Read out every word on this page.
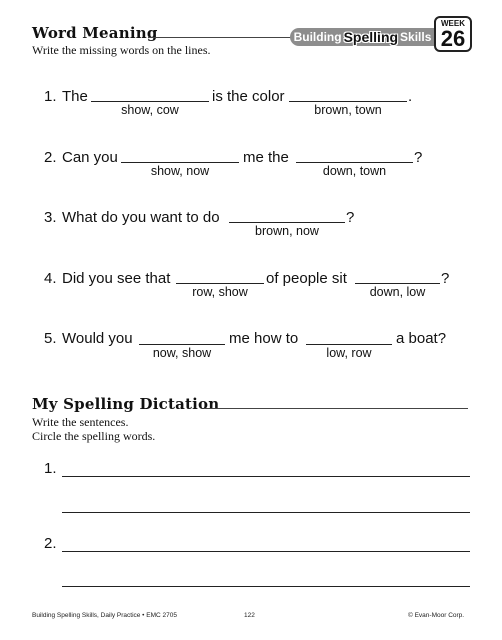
Word Meaning
Write the missing words on the lines.
Building Spelling Skills
WEEK
26
1. The	is the color	.
show, cow	brown, town
2. Can you	me the	?
show, now	down, town
3. What do you want to do	?
brown, now
4. Did you see that	of people sit	?
row, show	down, low
5. Would you	me how to	a boat?
now, show	low, row
My Spelling Dictation
Write the sentences.
Circle the spelling words.
1.
2.
Building Spelling Skills, Daily Practice • EMC 2705	122	© Evan-Moor Corp.
